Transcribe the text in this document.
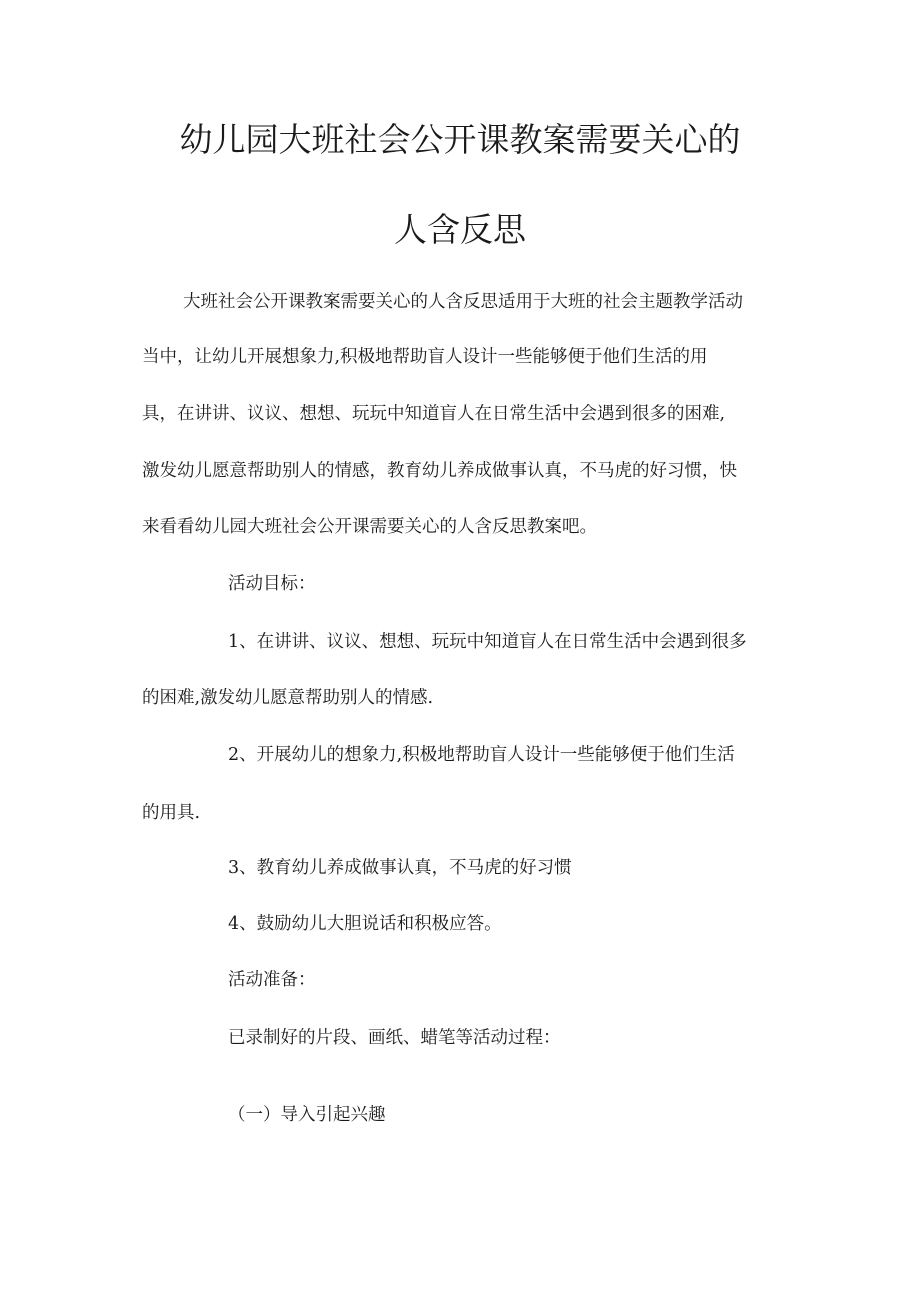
幼儿园大班社会公开课教案需要关心的
人含反思

大班社会公开课教案需要关心的人含反思适用于大班的社会主题教学活动

当中，让幼儿开展想象力,积极地帮助盲人设计一些能够便于他们生活的用

具，在讲讲、议议、想想、玩玩中知道盲人在日常生活中会遇到很多的困难,

激发幼儿愿意帮助别人的情感，教育幼儿养成做事认真，不马虎的好习惯，快

来看看幼儿园大班社会公开课需要关心的人含反思教案吧。

活动目标：

1、在讲讲、议议、想想、玩玩中知道盲人在日常生活中会遇到很多

的困难,激发幼儿愿意帮助别人的情感.

2、开展幼儿的想象力,积极地帮助盲人设计一些能够便于他们生活

的用具.

3、教育幼儿养成做事认真，不马虎的好习惯

4、鼓励幼儿大胆说话和积极应答。

活动准备：

已录制好的片段、画纸、蜡笔等活动过程：

（一）导入引起兴趣
